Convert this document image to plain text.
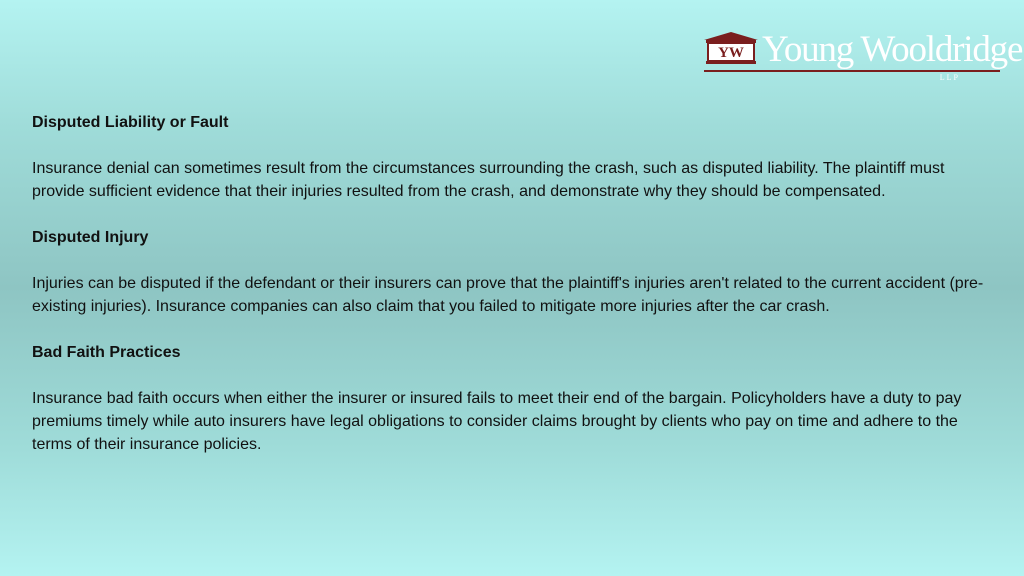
YW Young Wooldridge
LLP
Disputed Liability or Fault

Insurance denial can sometimes result from the circumstances surrounding the crash, such as disputed liability. The plaintiff must provide sufficient evidence that their injuries resulted from the crash, and demonstrate why they should be compensated.

Disputed Injury

Injuries can be disputed if the defendant or their insurers can prove that the plaintiff's injuries aren't related to the current accident (pre-existing injuries). Insurance companies can also claim that you failed to mitigate more injuries after the car crash.

Bad Faith Practices

Insurance bad faith occurs when either the insurer or insured fails to meet their end of the bargain. Policyholders have a duty to pay premiums timely while auto insurers have legal obligations to consider claims brought by clients who pay on time and adhere to the terms of their insurance policies.
